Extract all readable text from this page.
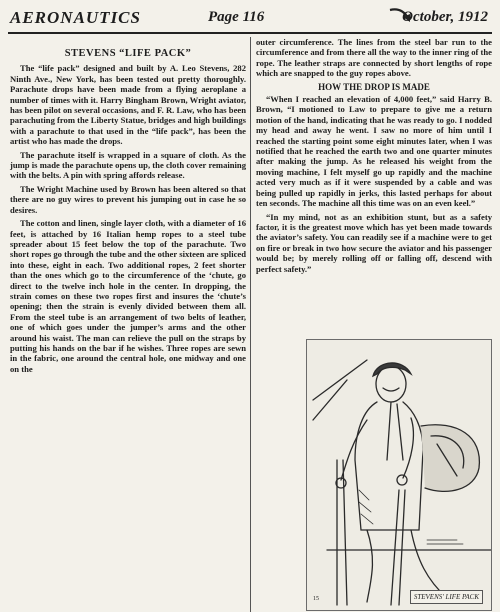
AERONAUTICS	Page 116	October, 1912
STEVENS “LIFE PACK”

The “life pack” designed and built by A. Leo Stevens, 282 Ninth Ave., New York, has been tested out pretty thoroughly. Parachute drops have been made from a flying aeroplane a number of times with it. Harry Bingham Brown, Wright aviator, has been pilot on several occasions, and F. R. Law, who has been parachuting from the Liberty Statue, bridges and high buildings with a parachute to that used in the “life pack”, has been the artist who has made the drops.

The parachute itself is wrapped in a square of cloth. As the jump is made the parachute opens up, the cloth cover remaining with the belts. A pin with spring affords release.

The Wright Machine used by Brown has been altered so that there are no guy wires to prevent his jumping out in case he so desires.

The cotton and linen, single layer cloth, with a diameter of 16 feet, is attached by 16 Italian hemp ropes to a steel tube spreader about 15 feet below the top of the parachute. Two short ropes go through the tube and the other sixteen are spliced into these, eight in each. Two additional ropes, 2 feet shorter than the ones which go to the circumference of the ‘chute, go direct to the twelve inch hole in the center. In dropping, the strain comes on these two ropes first and insures the ‘chute’s opening; then the strain is evenly divided between them all. From the steel tube is an arrangement of two belts of leather, one of which goes under the jumper’s arms and the other around his waist. The man can relieve the pull on the straps by putting his hands on the bar if he wishes. Three ropes are sewn in the fabric, one around the central hole, one midway and one on the

outer circumference. The lines from the steel bar run to the circumference and from there all the way to the inner ring of the rope. The leather straps are connected by short lengths of rope which are snapped to the guy ropes above.

HOW THE DROP IS MADE

“When I reached an elevation of 4,000 feet,” said Harry B. Brown, “I motioned to Law to prepare to give me a return motion of the hand, indicating that he was ready to go. I nodded my head and away he went. I saw no more of him until I reached the starting point some eight minutes later, when I was notified that he reached the earth two and one quarter minutes after making the jump. As he released his weight from the moving machine, I felt myself go up rapidly and the machine acted very much as if it were suspended by a cable and was being pulled up rapidly in jerks, this lasted perhaps for about ten seconds. The machine all this time was on an even keel.”

“In my mind, not as an exhibition stunt, but as a safety factor, it is the greatest move which has yet been made towards the aviator’s safety. You can readily see if a machine were to get on fire or break in two how secure the aviator and his passenger would be; by merely rolling off or falling off, descend with perfect safety.”

15	STEVENS' LIFE PACK
